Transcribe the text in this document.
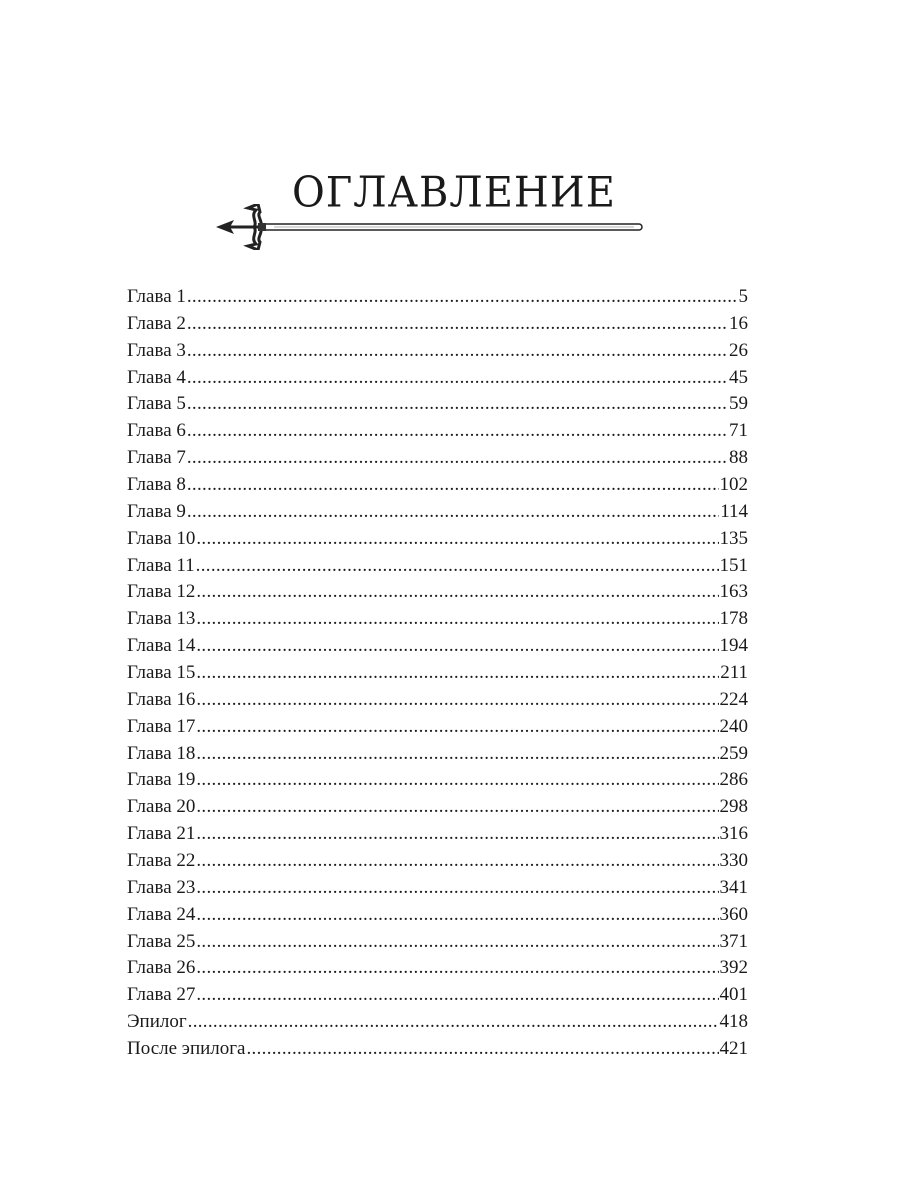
ОГЛАВЛЕНИЕ
Глава 1 .....	5
Глава 2 .....	16
Глава 3 .....	26
Глава 4 .....	45
Глава 5 .....	59
Глава 6 .....	71
Глава 7 .....	88
Глава 8 .....	102
Глава 9 .....	114
Глава 10 .....	135
Глава 11 .....	151
Глава 12 .....	163
Глава 13 .....	178
Глава 14 .....	194
Глава 15 .....	211
Глава 16 .....	224
Глава 17 .....	240
Глава 18 .....	259
Глава 19 .....	286
Глава 20 .....	298
Глава 21 .....	316
Глава 22 .....	330
Глава 23 .....	341
Глава 24 .....	360
Глава 25 .....	371
Глава 26 .....	392
Глава 27 .....	401
Эпилог .....	418
После эпилога .....	421
